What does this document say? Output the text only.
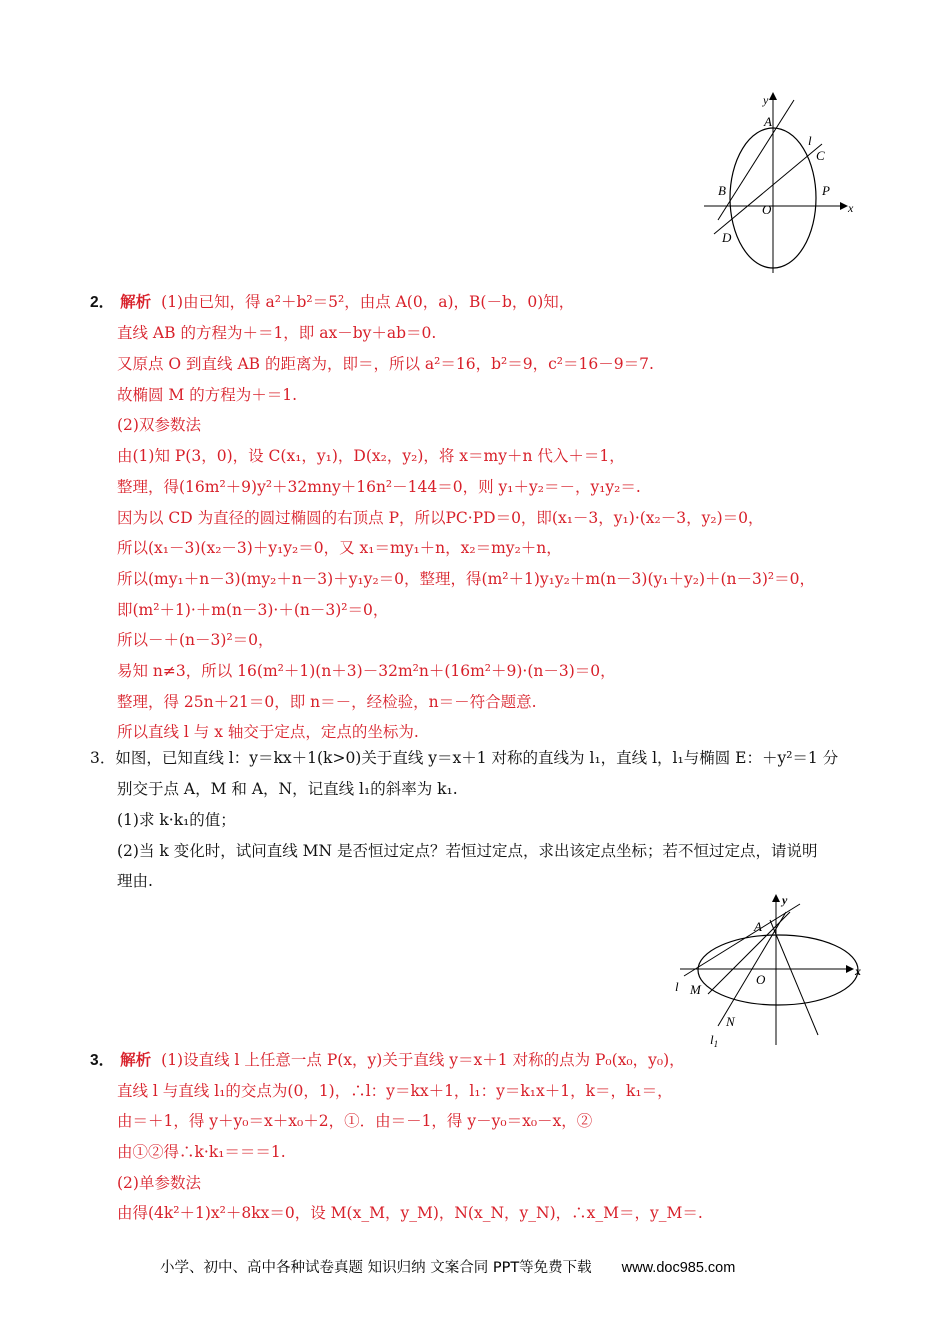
y
A
l
C
B	P
O	x
D
2． 解析 (1)由已知，得 a²＋b²＝5²，由点 A(0，a)，B(－b，0)知，
直线 AB 的方程为＋＝1，即 ax－by＋ab＝0.
又原点 O 到直线 AB 的距离为，即＝，所以 a²＝16，b²＝9，c²＝16－9＝7.
故椭圆 M 的方程为＋＝1.
(2)双参数法
由(1)知 P(3，0)，设 C(x₁，y₁)，D(x₂，y₂)，将 x＝my＋n 代入＋＝1，
整理，得(16m²＋9)y²＋32mny＋16n²－144＝0，则 y₁＋y₂＝－，y₁y₂＝.
因为以 CD 为直径的圆过椭圆的右顶点 P，所以PC·PD＝0，即(x₁－3，y₁)·(x₂－3，y₂)＝0，
所以(x₁－3)(x₂－3)＋y₁y₂＝0，又 x₁＝my₁＋n，x₂＝my₂＋n，
所以(my₁＋n－3)(my₂＋n－3)＋y₁y₂＝0，整理，得(m²＋1)y₁y₂＋m(n－3)(y₁＋y₂)＋(n－3)²＝0，
即(m²＋1)·＋m(n－3)·＋(n－3)²＝0，
所以－＋(n－3)²＝0，
易知 n≠3，所以 16(m²＋1)(n＋3)－32m²n＋(16m²＋9)·(n－3)＝0，
整理，得 25n＋21＝0，即 n＝－，经检验，n＝－符合题意.
所以直线 l 与 x 轴交于定点，定点的坐标为.
3．如图，已知直线 l：y＝kx＋1(k>0)关于直线 y＝x＋1 对称的直线为 l₁，直线 l，l₁与椭圆 E：＋y²＝1 分
别交于点 A，M 和 A，N，记直线 l₁的斜率为 k₁.
(1)求 k·k₁的值；
(2)当 k 变化时，试问直线 MN 是否恒过定点？若恒过定点，求出该定点坐标；若不恒过定点，请说明
理由.
y
A
O
x
l M
N
$l_1$
3． 解析 (1)设直线 l 上任意一点 P(x，y)关于直线 y＝x＋1 对称的点为 P₀(x₀，y₀)，
直线 l 与直线 l₁的交点为(0，1)，∴l：y＝kx＋1，l₁：y＝k₁x＋1，k＝，k₁＝，
由＝＋1，得 y＋y₀＝x＋x₀＋2，①．由＝－1，得 y－y₀＝x₀－x，②
由①②得∴k·k₁＝＝＝1.
(2)单参数法
由得(4k²＋1)x²＋8kx＝0，设 M(x_M，y_M)，N(x_N，y_N)，∴x_M＝，y_M＝.
小学、初中、高中各种试卷真题 知识归纳 文案合同 PPT等免费下载 www.doc985.com
